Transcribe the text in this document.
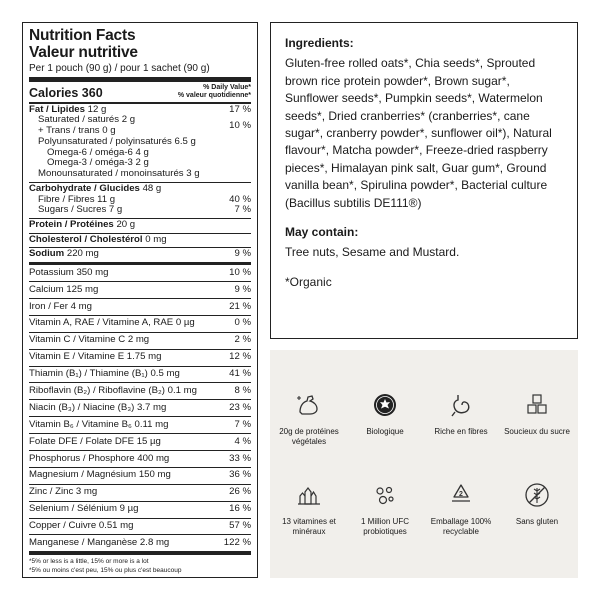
Nutrition Facts
Valeur nutritive
Per 1 pouch (90 g) / pour 1 sachet (90 g)
Calories 360	% Daily Value*
% valeur quotidienne*
Fat / Lipides 12 g	17 %
Saturated / saturés 2 g
+ Trans / trans 0 g	10 %
Polyunsaturated / polyinsaturés 6.5 g
Omega-6 / oméga-6 4 g
Omega-3 / oméga-3 2 g
Monounsaturated / monoinsaturés 3 g
Carbohydrate / Glucides 48 g
Fibre / Fibres 11 g	40 %
Sugars / Sucres 7 g	7 %
Protein / Protéines 20 g
Cholesterol / Cholestérol 0 mg
Sodium 220 mg	9 %
Potassium 350 mg	10 %
Calcium 125 mg	9 %
Iron / Fer 4 mg	21 %
Vitamin A, RAE / Vitamine A, RAE 0 µg	0 %
Vitamin C / Vitamine C 2 mg	2 %
Vitamin E / Vitamine E 1.75 mg	12 %
Thiamin (B₁) / Thiamine (B₁) 0.5 mg	41 %
Riboflavin (B₂) / Riboflavine (B₂) 0.1 mg	8 %
Niacin (B₃) / Niacine (B₃) 3.7 mg	23 %
Vitamin B₆ / Vitamine B₆ 0.11 mg	7 %
Folate DFE / Folate DFE 15 µg	4 %
Phosphorus / Phosphore 400 mg	33 %
Magnesium / Magnésium 150 mg	36 %
Zinc / Zinc 3 mg	26 %
Selenium / Sélénium 9 µg	16 %
Copper / Cuivre 0.51 mg	57 %
Manganese / Manganèse 2.8 mg	122 %
*5% or less is a little, 15% or more is a lot
*5% ou moins c'est peu, 15% ou plus c'est beaucoup
Ingredients:

Gluten-free rolled oats*, Chia seeds*, Sprouted brown rice protein powder*, Brown sugar*, Sunflower seeds*, Pumpkin seeds*, Watermelon seeds*, Dried cranberries* (cranberries*, cane sugar*, cranberry powder*, sunflower oil*), Natural flavour*, Matcha powder*, Freeze-dried raspberry pieces*, Himalayan pink salt, Guar gum*, Ground vanilla bean*, Spirulina powder*, Bacterial culture (Bacillus subtilis DE111®)

May contain:

Tree nuts, Sesame and Mustard.

*Organic

20g de protéines végétales
Biologique	Riche en fibres	Soucieux du sucre
13 vitamines et minéraux
1 Million UFC probiotiques
2
Emballage 100% recyclable
Sans gluten
